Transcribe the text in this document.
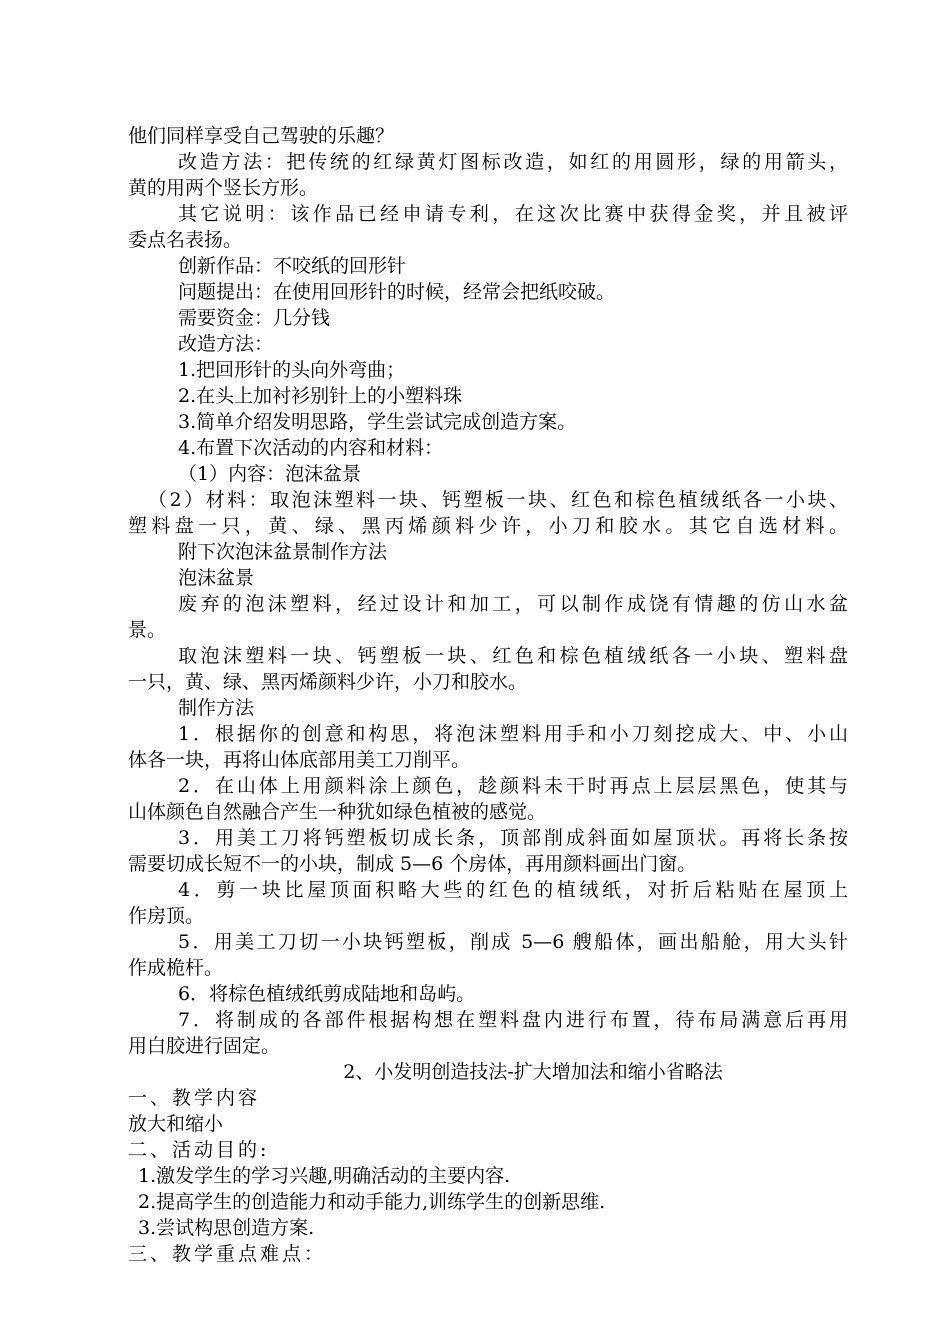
他们同样享受自己驾驶的乐趣？
改造方法：把传统的红绿黄灯图标改造，如红的用圆形，绿的用箭头，
黄的用两个竖长方形。
其它说明：该作品已经申请专利，在这次比赛中获得金奖，并且被评
委点名表扬。
创新作品：不咬纸的回形针
问题提出：在使用回形针的时候，经常会把纸咬破。
需要资金：几分钱
改造方法：
1.把回形针的头向外弯曲；
2.在头上加衬衫别针上的小塑料珠
3.简单介绍发明思路，学生尝试完成创造方案。
4.布置下次活动的内容和材料：
（1）内容：泡沫盆景
（2）材料：取泡沫塑料一块、钙塑板一块、红色和棕色植绒纸各一小块、
塑料盘一只，黄、绿、黑丙烯颜料少许，小刀和胶水。其它自选材料。
附下次泡沫盆景制作方法
泡沫盆景
废弃的泡沫塑料，经过设计和加工，可以制作成饶有情趣的仿山水盆
景。
取泡沫塑料一块、钙塑板一块、红色和棕色植绒纸各一小块、塑料盘
一只，黄、绿、黑丙烯颜料少许，小刀和胶水。
制作方法
1．根据你的创意和构思，将泡沫塑料用手和小刀刻挖成大、中、小山
体各一块，再将山体底部用美工刀削平。
2．在山体上用颜料涂上颜色，趁颜料未干时再点上层层黑色，使其与
山体颜色自然融合产生一种犹如绿色植被的感觉。
3．用美工刀将钙塑板切成长条，顶部削成斜面如屋顶状。再将长条按
需要切成长短不一的小块，制成 5—6 个房体，再用颜料画出门窗。
4．剪一块比屋顶面积略大些的红色的植绒纸，对折后粘贴在屋顶上
作房顶。
5．用美工刀切一小块钙塑板，削成 5—6 艘船体，画出船舱，用大头针
作成桅杆。
6．将棕色植绒纸剪成陆地和岛屿。
7．将制成的各部件根据构想在塑料盘内进行布置，待布局满意后再用
用白胶进行固定。
2、小发明创造技法-扩大增加法和缩小省略法
一、教学内容
放大和缩小
二、活动目的:
1.激发学生的学习兴趣,明确活动的主要内容.
2.提高学生的创造能力和动手能力,训练学生的创新思维.
3.尝试构思创造方案.
三、教学重点难点：
